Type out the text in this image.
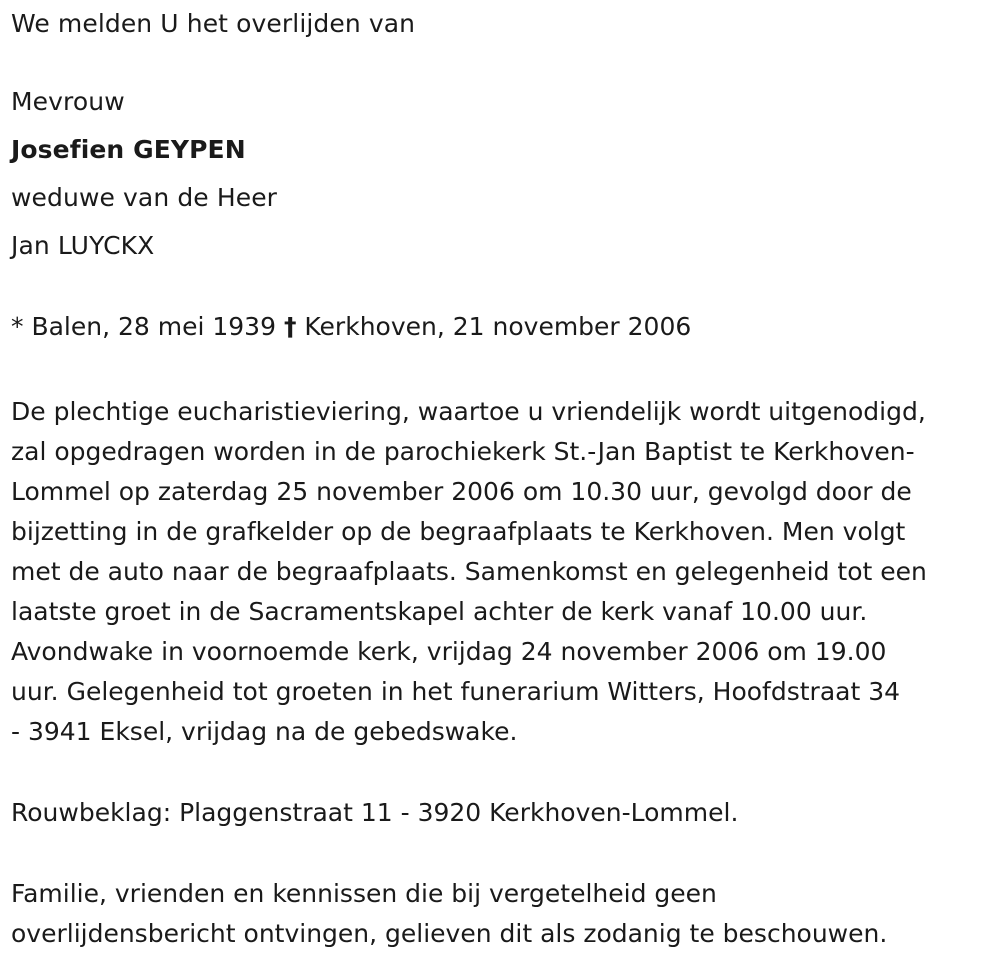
We melden U het overlijden van
Mevrouw
Josefien GEYPEN
weduwe van de Heer
Jan LUYCKX
* Balen, 28 mei 1939 † Kerkhoven, 21 november 2006
De plechtige eucharistieviering, waartoe u vriendelijk wordt uitgenodigd,
zal opgedragen worden in de parochiekerk St.-Jan Baptist te Kerkhoven-
Lommel op zaterdag 25 november 2006 om 10.30 uur, gevolgd door de
bijzetting in de grafkelder op de begraafplaats te Kerkhoven. Men volgt
met de auto naar de begraafplaats. Samenkomst en gelegenheid tot een
laatste groet in de Sacramentskapel achter de kerk vanaf 10.00 uur.
Avondwake in voornoemde kerk, vrijdag 24 november 2006 om 19.00
uur. Gelegenheid tot groeten in het funerarium Witters, Hoofdstraat 34
- 3941 Eksel, vrijdag na de gebedswake.
Rouwbeklag: Plaggenstraat 11 - 3920 Kerkhoven-Lommel.
Familie, vrienden en kennissen die bij vergetelheid geen
overlijdensbericht ontvingen, gelieven dit als zodanig te beschouwen.
